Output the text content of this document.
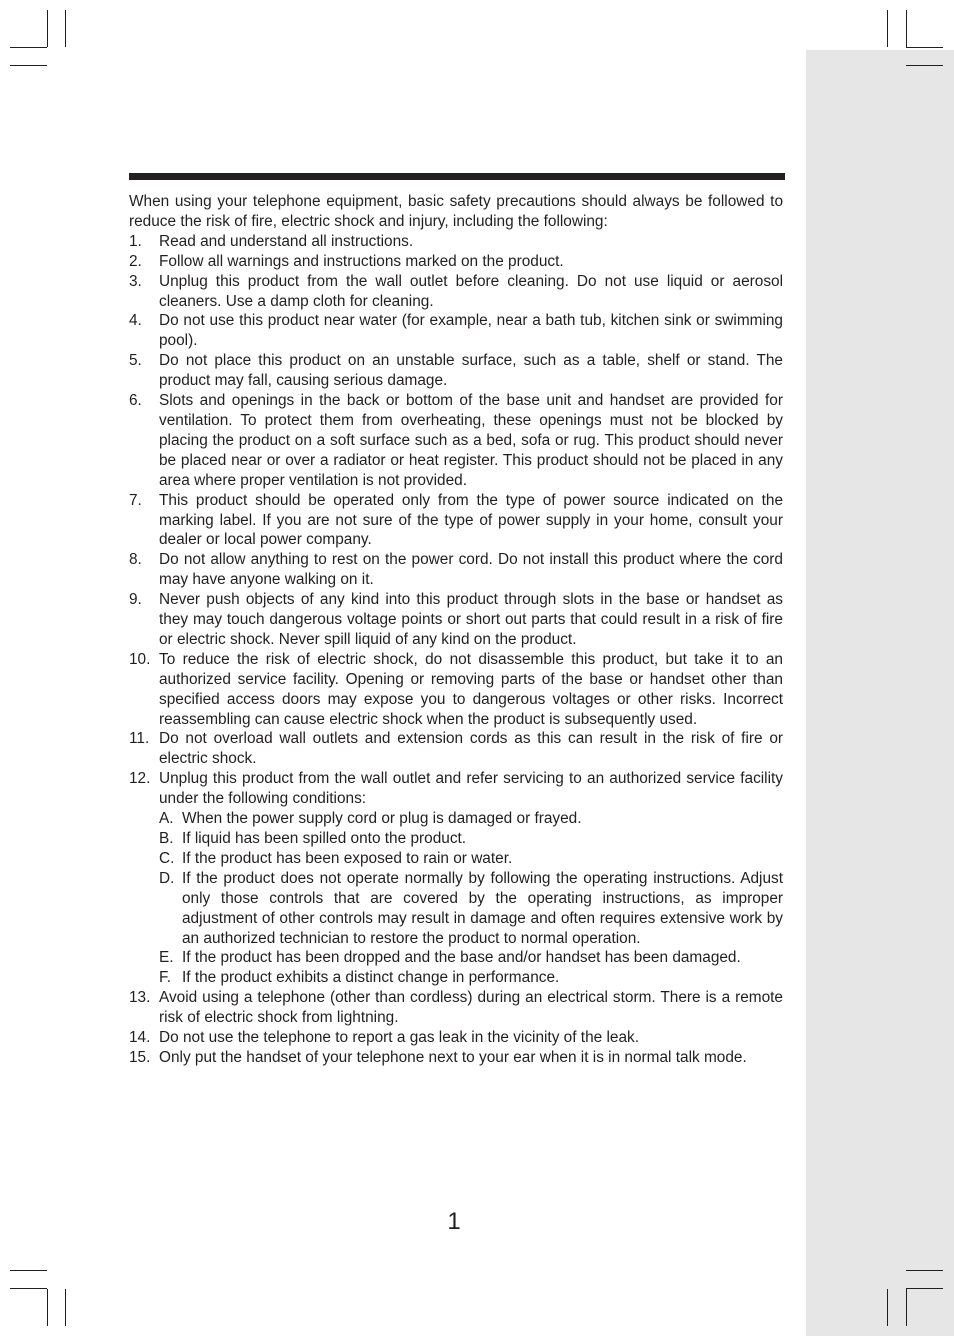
When using your telephone equipment, basic safety precautions should always be followed to reduce the risk of fire, electric shock and injury, including the following:

1. Read and understand all instructions.
2. Follow all warnings and instructions marked on the product.
3. Unplug this product from the wall outlet before cleaning. Do not use liquid or aerosol cleaners. Use a damp cloth for cleaning.
4. Do not use this product near water (for example, near a bath tub, kitchen sink or swimming pool).
5. Do not place this product on an unstable surface, such as a table, shelf or stand. The product may fall, causing serious damage.
6. Slots and openings in the back or bottom of the base unit and handset are provided for ventilation. To protect them from overheating, these openings must not be blocked by placing the product on a soft surface such as a bed, sofa or rug. This product should never be placed near or over a radiator or heat register. This product should not be placed in any area where proper ventilation is not provided.
7. This product should be operated only from the type of power source indicated on the marking label. If you are not sure of the type of power supply in your home, consult your dealer or local power company.
8. Do not allow anything to rest on the power cord. Do not install this product where the cord may have anyone walking on it.
9. Never push objects of any kind into this product through slots in the base or handset as they may touch dangerous voltage points or short out parts that could result in a risk of fire or electric shock. Never spill liquid of any kind on the product.
10. To reduce the risk of electric shock, do not disassemble this product, but take it to an authorized service facility. Opening or removing parts of the base or handset other than specified access doors may expose you to dangerous voltages or other risks. Incorrect reassembling can cause electric shock when the product is subsequently used.
11. Do not overload wall outlets and extension cords as this can result in the risk of fire or electric shock.
12. Unplug this product from the wall outlet and refer servicing to an authorized service facility under the following conditions:
A. When the power supply cord or plug is damaged or frayed.
B. If liquid has been spilled onto the product.
C. If the product has been exposed to rain or water.
D. If the product does not operate normally by following the operating instructions. Adjust only those controls that are covered by the operating instructions, as improper adjustment of other controls may result in damage and often requires extensive work by an authorized technician to restore the product to normal operation.
E. If the product has been dropped and the base and/or handset has been damaged.
F. If the product exhibits a distinct change in performance.
13. Avoid using a telephone (other than cordless) during an electrical storm. There is a remote risk of electric shock from lightning.
14. Do not use the telephone to report a gas leak in the vicinity of the leak.
15. Only put the handset of your telephone next to your ear when it is in normal talk mode.
1
